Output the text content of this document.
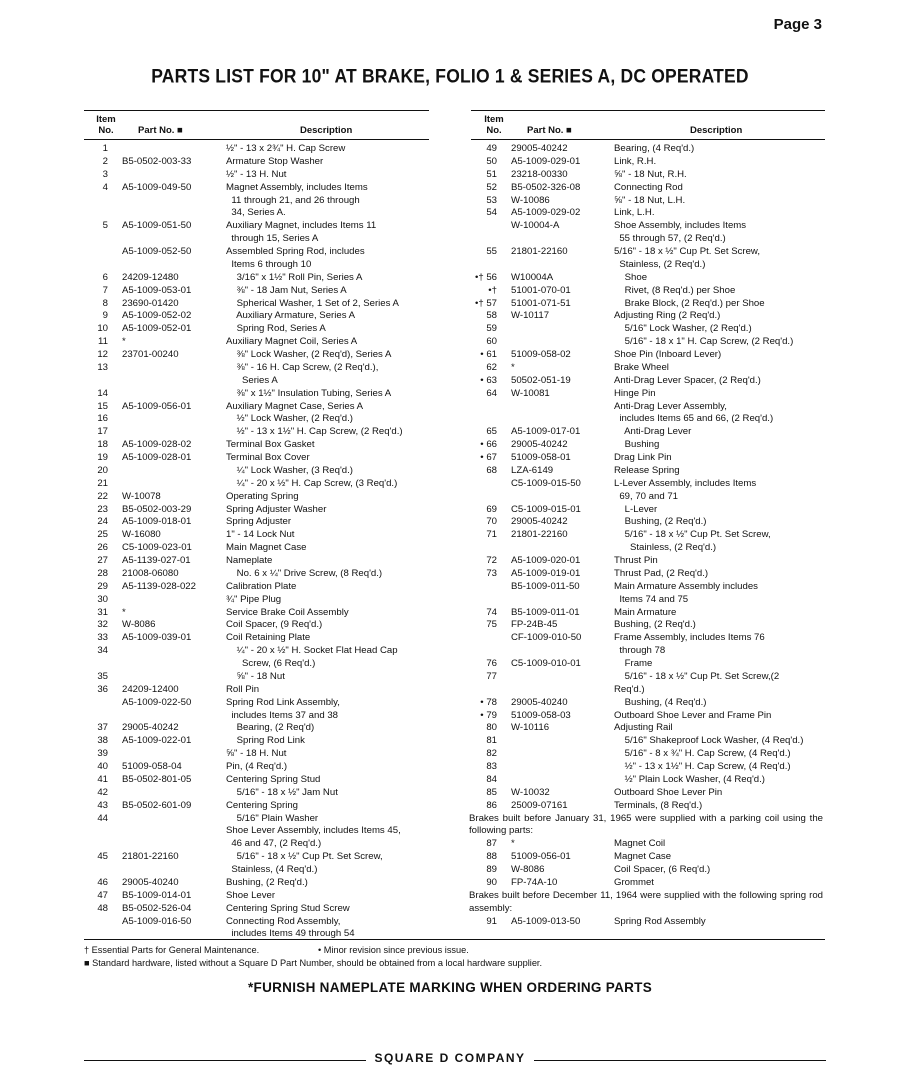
Page 3
PARTS LIST FOR 10" AT BRAKE, FOLIO 1 & SERIES A, DC OPERATED
Item
No.	Part No. ■	Description
Item
No.	Part No. ■	Description
1	½" - 13 x 2¾" H. Cap Screw
2 B5-0502-003-33	Armature Stop Washer
3	½" - 13 H. Nut
4 A5-1009-049-50	Magnet Assembly, includes Items
11 through 21, and 26 through
34, Series A.
5 A5-1009-051-50	Auxiliary Magnet, includes Items 11
through 15, Series A
A5-1009-052-50	Assembled Spring Rod, includes
Items 6 through 10
6 24209-12480	3/16" x 1½" Roll Pin, Series A
7 A5-1009-053-01	⅜" - 18 Jam Nut, Series A
8 23690-01420	Spherical Washer, 1 Set of 2, Series A
9 A5-1009-052-02	Auxiliary Armature, Series A
10 A5-1009-052-01	Spring Rod, Series A
11 *	Auxiliary Magnet Coil, Series A
12 23701-00240	⅜" Lock Washer, (2 Req'd), Series A
13	⅜" - 16 H. Cap Screw, (2 Req'd.),
Series A
14	⅜" x 1½" Insulation Tubing, Series A
15 A5-1009-056-01	Auxiliary Magnet Case, Series A
16	½" Lock Washer, (2 Req'd.)
17	½" - 13 x 1½" H. Cap Screw, (2 Req'd.)
18 A5-1009-028-02	Terminal Box Gasket
19 A5-1009-028-01	Terminal Box Cover
20	¼" Lock Washer, (3 Req'd.)
21	¼" - 20 x ½" H. Cap Screw, (3 Req'd.)
22 W-10078	Operating Spring
23 B5-0502-003-29	Spring Adjuster Washer
24 A5-1009-018-01	Spring Adjuster
25 W-16080	1" - 14 Lock Nut
26 C5-1009-023-01	Main Magnet Case
27 A5-1139-027-01	Nameplate
28 21008-06080	No. 6 x ¼" Drive Screw, (8 Req'd.)
29 A5-1139-028-022	Calibration Plate
30	¾" Pipe Plug
31 *	Service Brake Coil Assembly
32 W-8086	Coil Spacer, (9 Req'd.)
33 A5-1009-039-01	Coil Retaining Plate
34	¼" - 20 x ½" H. Socket Flat Head Cap
Screw, (6 Req'd.)
35	⅝" - 18 Nut
36 24209-12400	Roll Pin
A5-1009-022-50	Spring Rod Link Assembly,
includes Items 37 and 38
37 29005-40242	Bearing, (2 Req'd)
38 A5-1009-022-01	Spring Rod Link
39	⅝" - 18 H. Nut
40 51009-058-04	Pin, (4 Req'd.)
41 B5-0502-801-05	Centering Spring Stud
42	5/16" - 18 x ½" Jam Nut
43 B5-0502-601-09	Centering Spring
44	5/16" Plain Washer
Shoe Lever Assembly, includes Items 45,
46 and 47, (2 Req'd.)
45 21801-22160	5/16" - 18 x ½" Cup Pt. Set Screw,
Stainless, (4 Req'd.)
46 29005-40240	Bushing, (2 Req'd.)
47 B5-1009-014-01	Shoe Lever
48 B5-0502-526-04	Centering Spring Stud Screw
A5-1009-016-50	Connecting Rod Assembly,
includes Items 49 through 54
49 29005-40242	Bearing, (4 Req'd.)
50 A5-1009-029-01	Link, R.H.
51 23218-00330	⅝" - 18 Nut, R.H.
52 B5-0502-326-08	Connecting Rod
53 W-10086	⅝" - 18 Nut, L.H.
54 A5-1009-029-02	Link, L.H.
W-10004-A	Shoe Assembly, includes Items
55 through 57, (2 Req'd.)
55 21801-22160	5/16" - 18 x ½" Cup Pt. Set Screw,
Stainless, (2 Req'd.)
•† 56 W10004A	Shoe
•† 51001-070-01	Rivet, (8 Req'd.) per Shoe
•† 57 51001-071-51	Brake Block, (2 Req'd.) per Shoe
58 W-10117	Adjusting Ring (2 Req'd.)
59	5/16" Lock Washer, (2 Req'd.)
60	5/16" - 18 x 1" H. Cap Screw, (2 Req'd.)
• 61 51009-058-02	Shoe Pin (Inboard Lever)
62 *	Brake Wheel
• 63 50502-051-19	Anti-Drag Lever Spacer, (2 Req'd.)
64 W-10081	Hinge Pin
Anti-Drag Lever Assembly,
includes Items 65 and 66, (2 Req'd.)
65 A5-1009-017-01	Anti-Drag Lever
• 66 29005-40242	Bushing
• 67 51009-058-01	Drag Link Pin
68 LZA-6149	Release Spring
C5-1009-015-50	L-Lever Assembly, includes Items
69, 70 and 71
69 C5-1009-015-01	L-Lever
70 29005-40242	Bushing, (2 Req'd.)
71 21801-22160	5/16" - 18 x ½" Cup Pt. Set Screw,
Stainless, (2 Req'd.)
72 A5-1009-020-01	Thrust Pin
73 A5-1009-019-01	Thrust Pad, (2 Req'd.)
B5-1009-011-50	Main Armature Assembly includes
Items 74 and 75
74 B5-1009-011-01	Main Armature
75 FP-24B-45	Bushing, (2 Req'd.)
CF-1009-010-50	Frame Assembly, includes Items 76
through 78
76 C5-1009-010-01	Frame
77	5/16" - 18 x ½" Cup Pt. Set Screw,(2
Req'd.)
• 78 29005-40240	Bushing, (4 Req'd.)
• 79 51009-058-03	Outboard Shoe Lever and Frame Pin
80 W-10116	Adjusting Rail
81	5/16" Shakeproof Lock Washer, (4 Req'd.)
82	5/16" - 8 x ¾" H. Cap Screw, (4 Req'd.)
83	½" - 13 x 1½" H. Cap Screw, (4 Req'd.)
84	½" Plain Lock Washer, (4 Req'd.)
85 W-10032	Outboard Shoe Lever Pin
86 25009-07161	Terminals, (8 Req'd.)
Brakes built before January 31, 1965 were supplied with a parking coil using the following parts:
87 *	Magnet Coil
88 51009-056-01	Magnet Case
89 W-8086	Coil Spacer, (6 Req'd.)
90 FP-74A-10	Grommet
Brakes built before December 11, 1964 were supplied with the following spring rod assembly:
91 A5-1009-013-50	Spring Rod Assembly
† Essential Parts for General Maintenance.	• Minor revision since previous issue.
■ Standard hardware, listed without a Square D Part Number, should be obtained from a local hardware supplier.
*FURNISH NAMEPLATE MARKING WHEN ORDERING PARTS
SQUARE D COMPANY
